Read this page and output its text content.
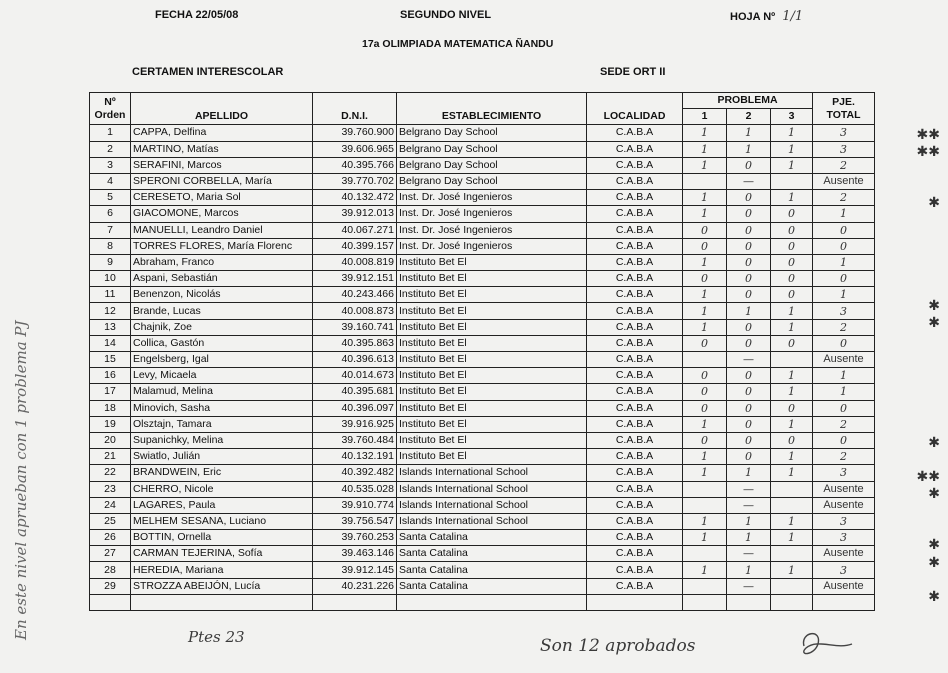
FECHA 22/05/08	SEGUNDO NIVEL	HOJA Nº 1/1
17a OLIMPIADA MATEMATICA ÑANDU
CERTAMEN INTERESCOLAR	SEDE ORT II
En este nivel aprueban con 1 problema PJ
Nº Orden	APELLIDO	D.N.I.	ESTABLECIMIENTO	LOCALIDAD	PROBLEMA			PJE. TOTAL
					1	2	3	
1	CAPPA, Delfina	39.760.900	Belgrano Day School	C.A.B.A	1	1	1	3
2	MARTINO, Matías	39.606.965	Belgrano Day School	C.A.B.A	1	1	1	3
3	SERAFINI, Marcos	40.395.766	Belgrano Day School	C.A.B.A	1	0	1	2
4	SPERONI CORBELLA, María	39.770.702	Belgrano Day School	C.A.B.A		—		Ausente
5	CERESETO, Maria Sol	40.132.472	Inst. Dr. José Ingenieros	C.A.B.A	1	0	1	2
6	GIACOMONE, Marcos	39.912.013	Inst. Dr. José Ingenieros	C.A.B.A	1	0	0	1
7	MANUELLI, Leandro Daniel	40.067.271	Inst. Dr. José Ingenieros	C.A.B.A	0	0	0	0
8	TORRES FLORES, María Florenc	40.399.157	Inst. Dr. José Ingenieros	C.A.B.A	0	0	0	0
9	Abraham, Franco	40.008.819	Instituto Bet El	C.A.B.A	1	0	0	1
10	Aspani, Sebastián	39.912.151	Instituto Bet El	C.A.B.A	0	0	0	0
11	Benenzon, Nicolás	40.243.466	Instituto Bet El	C.A.B.A	1	0	0	1
12	Brande, Lucas	40.008.873	Instituto Bet El	C.A.B.A	1	1	1	3
13	Chajnik, Zoe	39.160.741	Instituto Bet El	C.A.B.A	1	0	1	2
14	Collica, Gastón	40.395.863	Instituto Bet El	C.A.B.A	0	0	0	0
15	Engelsberg, Igal	40.396.613	Instituto Bet El	C.A.B.A		—		Ausente
16	Levy, Micaela	40.014.673	Instituto Bet El	C.A.B.A	0	0	1	1
17	Malamud, Melina	40.395.681	Instituto Bet El	C.A.B.A	0	0	1	1
18	Minovich, Sasha	40.396.097	Instituto Bet El	C.A.B.A	0	0	0	0
19	Olsztajn, Tamara	39.916.925	Instituto Bet El	C.A.B.A	1	0	1	2
20	Supanichky, Melina	39.760.484	Instituto Bet El	C.A.B.A	0	0	0	0
21	Swiatlo, Julián	40.132.191	Instituto Bet El	C.A.B.A	1	0	1	2
22	BRANDWEIN, Eric	40.392.482	Islands International School	C.A.B.A	1	1	1	3
23	CHERRO, Nicole	40.535.028	Islands International School	C.A.B.A		—		Ausente
24	LAGARES, Paula	39.910.774	Islands International School	C.A.B.A		—		Ausente
25	MELHEM SESANA, Luciano	39.756.547	Islands International School	C.A.B.A	1	1	1	3
26	BOTTIN, Ornella	39.760.253	Santa Catalina	C.A.B.A	1	1	1	3
27	CARMAN TEJERINA, Sofía	39.463.146	Santa Catalina	C.A.B.A		—		Ausente
28	HEREDIA, Mariana	39.912.145	Santa Catalina	C.A.B.A	1	1	1	3
29	STROZZA ABEIJÓN, Lucía	40.231.226	Santa Catalina	C.A.B.A		—		Ausente

✱✱
✱✱
✱
✱
✱
✱
✱✱
✱
✱
✱
✱
Ptes 23	Son 12 aprobados
